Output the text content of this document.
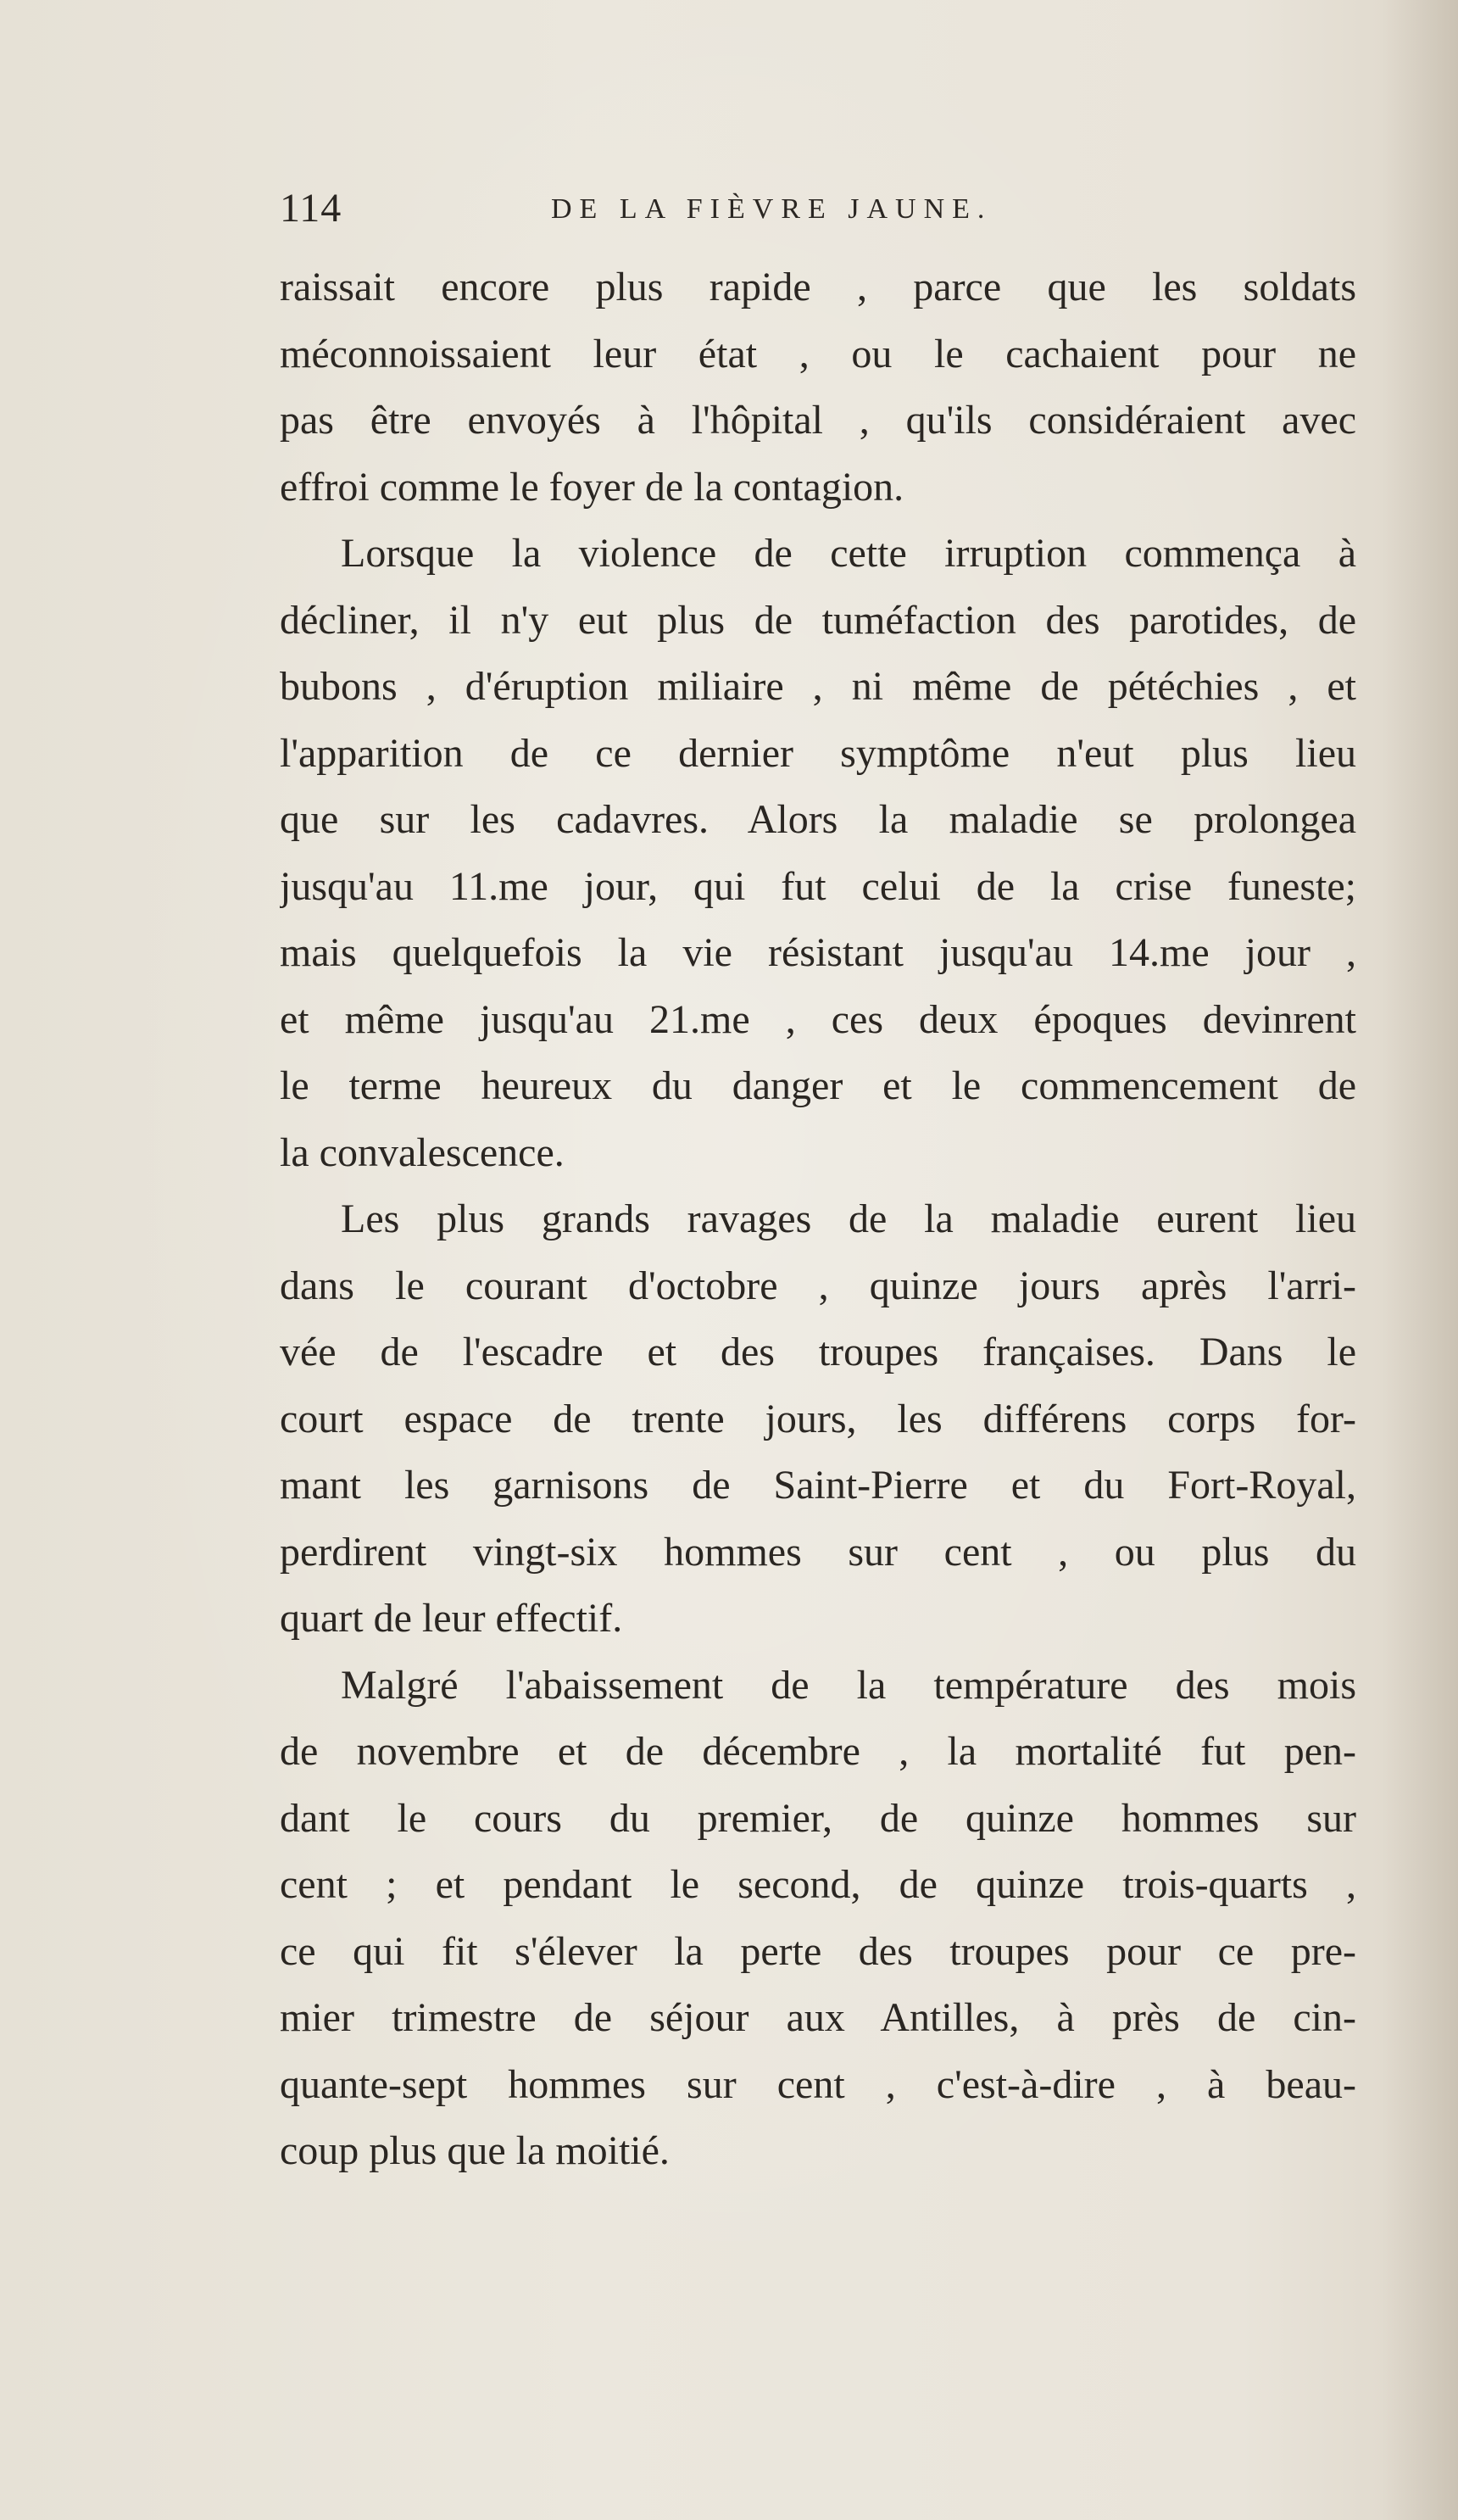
114	DE LA FIÈVRE JAUNE.
raissait encore plus rapide , parce que les soldats
méconnoissaient leur état , ou le cachaient pour ne
pas être envoyés à l'hôpital , qu'ils considéraient avec
effroi comme le foyer de la contagion.
Lorsque la violence de cette irruption commença à
décliner, il n'y eut plus de tuméfaction des parotides, de
bubons , d'éruption miliaire , ni même de pétéchies , et
l'apparition de ce dernier symptôme n'eut plus lieu
que sur les cadavres. Alors la maladie se prolongea
jusqu'au 11.me jour, qui fut celui de la crise funeste;
mais quelquefois la vie résistant jusqu'au 14.me jour ,
et même jusqu'au 21.me , ces deux époques devinrent
le terme heureux du danger et le commencement de
la convalescence.
Les plus grands ravages de la maladie eurent lieu
dans le courant d'octobre , quinze jours après l'arri-
vée de l'escadre et des troupes françaises. Dans le
court espace de trente jours, les différens corps for-
mant les garnisons de Saint-Pierre et du Fort-Royal,
perdirent vingt-six hommes sur cent , ou plus du
quart de leur effectif.
Malgré l'abaissement de la température des mois
de novembre et de décembre , la mortalité fut pen-
dant le cours du premier, de quinze hommes sur
cent ; et pendant le second, de quinze trois-quarts ,
ce qui fit s'élever la perte des troupes pour ce pre-
mier trimestre de séjour aux Antilles, à près de cin-
quante-sept hommes sur cent , c'est-à-dire , à beau-
coup plus que la moitié.
